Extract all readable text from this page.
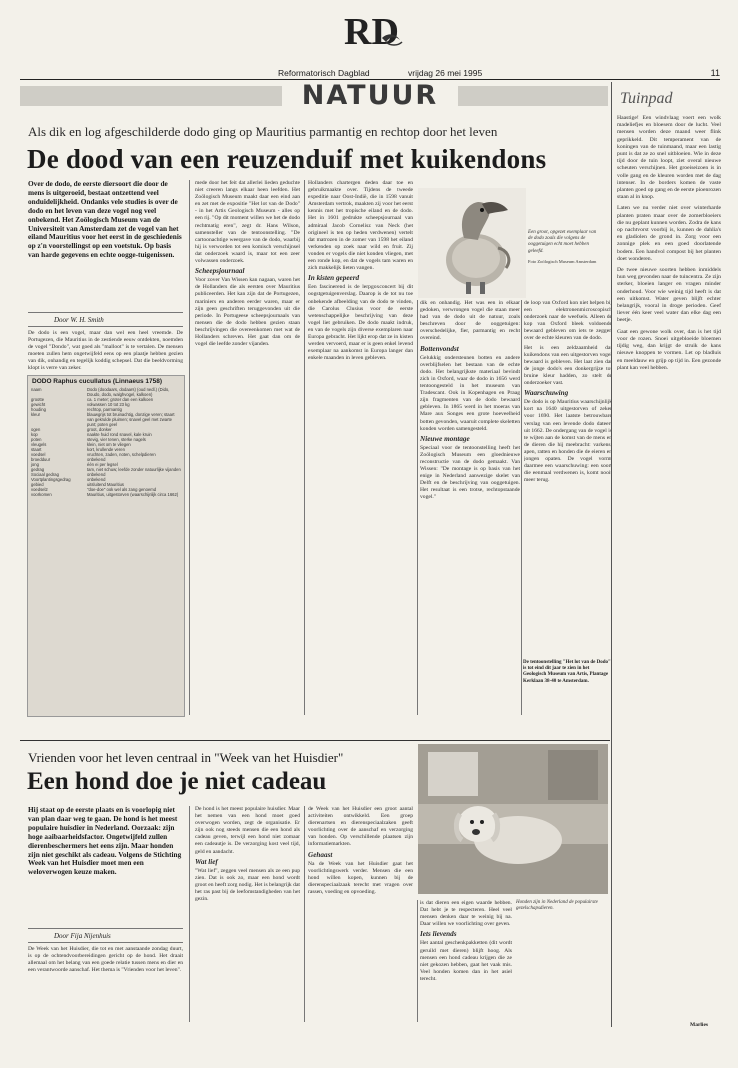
RD
Reformatorisch Dagblad	vrijdag 26 mei 1995	11
NATUUR	Tuinpad
Als dik en log afgeschilderde dodo ging op Mauritius parmantig en rechtop door het leven
De dood van een reuzenduif met kuikendons
Over de dodo, de eerste diersoort die door de mens is uitgeroeid, bestaat ontzettend veel onduidelijkheid. Ondanks vele studies is over de dodo en het leven van deze vogel nog veel onbekend. Het Zoölogisch Museum van de Universiteit van Amsterdam zet de vogel van het eiland Mauritius voor het eerst in de geschiedenis op z'n voorstellingst op een voetstuk. Op basis van harde gegevens en echte oogge-tuigenissen.
Door W. H. Smith
De dodo is een vogel, maar dan wel een heel vreemde. De Portugezen, die Mauritius in de zestiende eeuw ontdekten, noemden de vogel "Dondo", wat goed als "malloot" is te vertalen. De mensen moeten zullen hem ongetwijfeld eens op een plaatje hebben gezien van dik, onhandig en tegelijk koddig schepsel. Dat die beeldvorming klopt is verre van zeker.
DODO Raphus cucullatus (Linnaeus 1758)
naam	Dodo (doodaars, dodaars) (oud nedl.) (Dido, Doudo, dodo, walghvogel, kalkoen)
grootte	ca. 1 meter; groter dan een kalkoen
gewicht	volwassen 10 tot 23 kg
houding	rechtop, parmantig
kleur	blauwgrijs tot bruinachtig, donzige veren; staart van gekrulde pluimen; snavel geel met zwarte punt; poten geel
ogen	groot, donker
kop	naakte huid rond snavel, kale kruin
poten	stevig, vier tenen, sterke nagels
vleugels	klein, niet om te vliegen
staart	kort, krullende veren
voedsel	vruchten, zaden, noten, schelpdieren
broedduur	onbekend
jong	één ei per legsel
gedrag	tam, niet schuw; leefde zonder natuurlijke vijanden
Sociaal gedrag	onbekend
Voortplantingsgedrag	onbekend
gebied	uitsluitend Mauritius
voedsel2	"doe-doe" ook wel als zang genoemd
voorkomen	Mauritius, uitgestorven (waarschijnlijk circa 1662)
mede door het feit dat allerlei lieden geduchte niet creeren langs elkaar heen leefden. Het Zoölogisch Museum maakt daar een eind aan en zet met de expositie "Het lot van de Dodo" - in het Artis Geologisch Museum - alles op een rij. "Op dit moment willen we het de dodo rechtmatig eren", zegt dr. Hans Wilson, samensteller van de tentoonstelling. "De cartoonachtige weergave van de dodo, waarbij hij is verworden tot een komisch verschijnsel dat onderzoek waard is, maar tot een zeer volwassen onderzoek.
Scheepsjournaal
Voor zover Van Wissen kan nagaan, waren het de Hollanders die als eersten over Mauritius publiceerden. Het kan zijn dat de Portugezen, mariniers en anderen eerder waren, maar er zijn geen geschriften teruggevonden uit die periode. In Portugeese scheepsjournaals van mensen die de dodo hebben gezien staan beschrijvingen die overeenkomen met wat de Hollanders schreven. Het gaat dan om de vogel die leefde zonder vijanden.
Hollanders chartergen deden daar toe en gebruikmaakte over. Tijdens de tweede expeditie naar Oost-Indië, die in 1598 vanuit Amsterdam vertrok, maakten zij voor het eerst kennis met het tropische eiland en de dodo. Het in 1601 gedrukte scheepsjournaal van admiraal Jacob Cornelisz van Neck (het origineel is ten op heden verdwenen) vertelt dat matrozen in de zomer van 1598 het eiland verkenden op zoek naar wild en fruit. Zij vonden er vogels die niet konden vliegen, met een ronde kop, en dat de vogels tam waren en zich makkelijk lieten vangen.
In kisten gepeerd
Een fascinerend is de lerpgoxconcert bij dit oogstgetuigenverslag. Daarop is de tot nu toe onbekende afbeelding van de dodo te vinden, die Carolus Clusius voor de eerste wetenschappelijke beschrijving van deze vogel liet gebruiken. De dodo maakt indruk, en van de vogels zijn diverse exemplaren naar Europa gebracht. Het lijkt erop dat ze in kisten werden vervoerd, maar er is geen enkel levend exemplaar na aankomst in Europa langer dan enkele maanden in leven gebleven.
Een groot, opgezet exemplaar van de dodo zoals die volgens de ooggetuigen echt moet hebben geleefd.
Foto Zoölogisch Museum Amsterdam
dik en onhandig. Het was een in elkaar gedoken, verwrongen vogel die staan meer had van de dodo uit de natuur, zoals beschreven door de ooggetuigen: overschedelijke, fier, parmantig en recht overeind.
Bottenvondst
Gelukkig ondersteunen botten en andere overblijfselen het bestaan van de echte dodo. Het belangrijkste materiaal bevindt zich in Oxford, waar de dodo in 1656 werd tentoongesteld in het museum van Tradescant. Ook in Kopenhagen en Praag zijn fragmenten van de dodo bewaard gebleven. In 1865 werd in het moeras van Mare aux Songes een grote hoeveelheid botten gevonden, waaruit complete skeletten konden worden samengesteld.
Nieuwe montage
Speciaal voor de tentoonstelling heeft het Zoölogisch Museum een gloednieuwe reconstructie van de dodo gemaakt. Van Wissen: "De montage is op basis van het enige in Nederland aanwezige skelet van Delft en de beschrijving van ooggetuigen. Het resultaat is een trotse, rechtopstaande vogel."
de loop van Oxford kon niet helpen bij een elektronenmicroscopisch onderzoek naar de weefsels. Alleen de kop van Oxford bleek voldoende bewaard gebleven om iets te zeggen over de echte kleuren van de dodo.
Het is een zeldzaamheid dat kuikendons van een uitgestorven vogel bewaard is gebleven. Het laat zien dat de jonge dodo's een donkergrijze tot bruine kleur hadden, zo stelt de onderzoeker vast.
Waarschuwing
De dodo is op Mauritius waarschijnlijk kort na 1640 uitgestorven of zeker voor 1690. Het laatste betrouwbare verslag van een levende dodo dateert uit 1662. De ondergang van de vogel is te wijten aan de komst van de mens en de dieren die hij meebracht: varkens, apen, ratten en honden die de eieren en jongen opaten. De vogel vormt daarmee een waarschuwing: een soort die eenmaal verdwenen is, komt nooit meer terug.
De tentoonstelling "Het lot van de Dodo" is tot eind dit jaar te zien in het Geologisch Museum van Artis, Plantage Kerklaan 38-40 te Amsterdam.
Vrienden voor het leven centraal in "Week van het Huisdier"
Een hond doe je niet cadeau
Hij staat op de eerste plaats en is voorlopig niet van plan daar weg te gaan. De hond is het meest populaire huisdier in Nederland. Oorzaak: zijn hoge aaibaarheidsfactor. Ongetwijfeld zullen dierenbeschermers het eens zijn. Maar honden zijn niet geschikt als cadeau. Volgens de Stichting Week van het Huisdier moet men een weloverwogen keuze maken.
Door Fija Nijenhuis
De Week van het Huisdier, die tot en met aanstaande zondag duurt, is op de ochtendvoorbereidingen gericht op de hond. Het draait allemaal om het belang van een goede relatie tussen mens en dier en een verantwoorde aanschaf. Het thema is "Vrienden voor het leven".
De hond is het meest populaire huisdier. Maar het nemen van een hond moet goed overwogen worden, zegt de organisatie. Er zijn ook nog steeds mensen die een hond als cadeau geven, terwijl een hond niet zomaar een cadeautje is. De verzorging kost veel tijd, geld en aandacht.
Wat lief
"Wat lief", zeggen veel mensen als ze een pup zien. Dat is ook zo, maar een hond wordt groot en heeft zorg nodig. Het is belangrijk dat het ras past bij de leefomstandigheden van het gezin.
de Week van het Huisdier een groot aantal activiteiten ontwikkeld. Een groep dierenartsen en dierenspeciaalzaken geeft voorlichting over de aanschaf en verzorging van honden. Op verschillende plaatsen zijn informatiemarkten.
Gehaast
Na de Week van het Huisdier gaat het voorlichtingswerk verder. Mensen die een hond willen kopen, kunnen bij de dierenspeciaalzaak terecht met vragen over rassen, voeding en opvoeding.
is dat dieren een eigen waarde hebben. Dat hebt je te respecteren. Heel veel mensen denken daar te weinig bij na. Daar willen we voorlichting over geven.
Iets lievends
Het aantal geschenkpakketten (dit wordt geruild met dieren) blijft hoog. Als mensen een hond cadeau krijgen die ze niet gekozen hebben, gaat het vaak mis. Veel honden komen dan in het asiel terecht.
Honden zijn in Nederland de populairste gezelschapsdieren.
Haastige! Een windvlaag voert een wolk madeliefjes en bloesem door de lucht. Veel mensen worden deze maand weer flink geprikkeld. Dit temperament van de koningen van de tuinmaand, maar een lastig punt is dat ze zo snel uitbloeien. Wie in deze tijd door de tuin loopt, ziet overal nieuwe scheuten verschijnen. Het groeiseizoen is in volle gang en de kleuren worden met de dag intenser. In de borders komen de vaste planten goed op gang en de eerste pioenrozen staan al in knop.
Laten we nu verder niet over winterharde planten praten maar over de zomerbloeiers die nu geplant kunnen worden. Zodra de kans op nachtvorst voorbij is, kunnen de dahlia's en gladiolen de grond in. Zorg voor een zonnige plek en een goed doorlatende bodem. Een handvol compost bij het planten doet wonderen.
De twee nieuwe soorten hebben inmiddels hun weg gevonden naar de tuincentra. Ze zijn sterker, bloeien langer en vragen minder onderhoud. Voor wie weinig tijd heeft is dat een uitkomst. Water geven blijft echter belangrijk, vooral in droge perioden. Geef liever één keer veel water dan elke dag een beetje.
Gaat een gewone wolk over, dan is het tijd voor de rozen. Snoei uitgebloeide bloemen tijdig weg, dan krijgt de struik de kans nieuwe knoppen te vormen. Let op bladluis en meeldauw en grijp op tijd in. Een gezonde plant kan veel hebben.
Marlies
